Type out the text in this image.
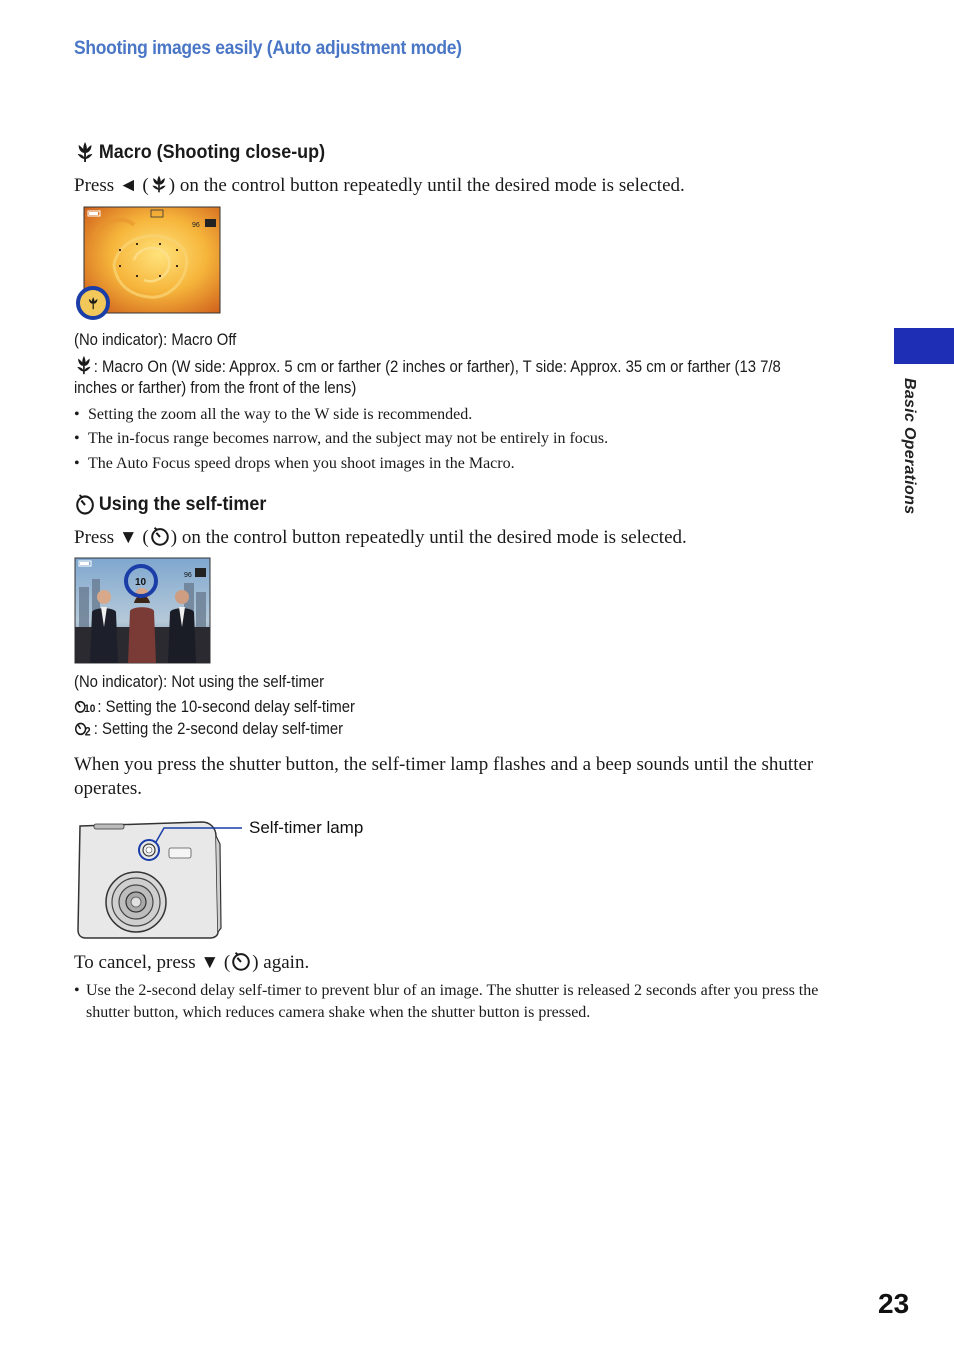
Shooting images easily (Auto adjustment mode)
Macro (Shooting close-up)
Press ◄ ( ) on the control button repeatedly until the desired mode is selected.
96
(No indicator): Macro Off
: Macro On (W side: Approx. 5 cm or farther (2 inches or farther), T side: Approx. 35 cm or farther (13 7/8
inches or farther) from the front of the lens)
• Setting the zoom all the way to the W side is recommended.
• The in-focus range becomes narrow, and the subject may not be entirely in focus.
• The Auto Focus speed drops when you shoot images in the Macro.
Using the self-timer
Press ▼ ( ) on the control button repeatedly until the desired mode is selected.
96
10
(No indicator): Not using the self-timer
10 : Setting the 10-second delay self-timer
2 : Setting the 2-second delay self-timer
When you press the shutter button, the self-timer lamp flashes and a beep sounds until the shutter operates.
Self-timer lamp
To cancel, press ▼ ( ) again.
• Use the 2-second delay self-timer to prevent blur of an image. The shutter is released 2 seconds after you press the shutter button, which reduces camera shake when the shutter button is pressed.
Basic Operations
23
